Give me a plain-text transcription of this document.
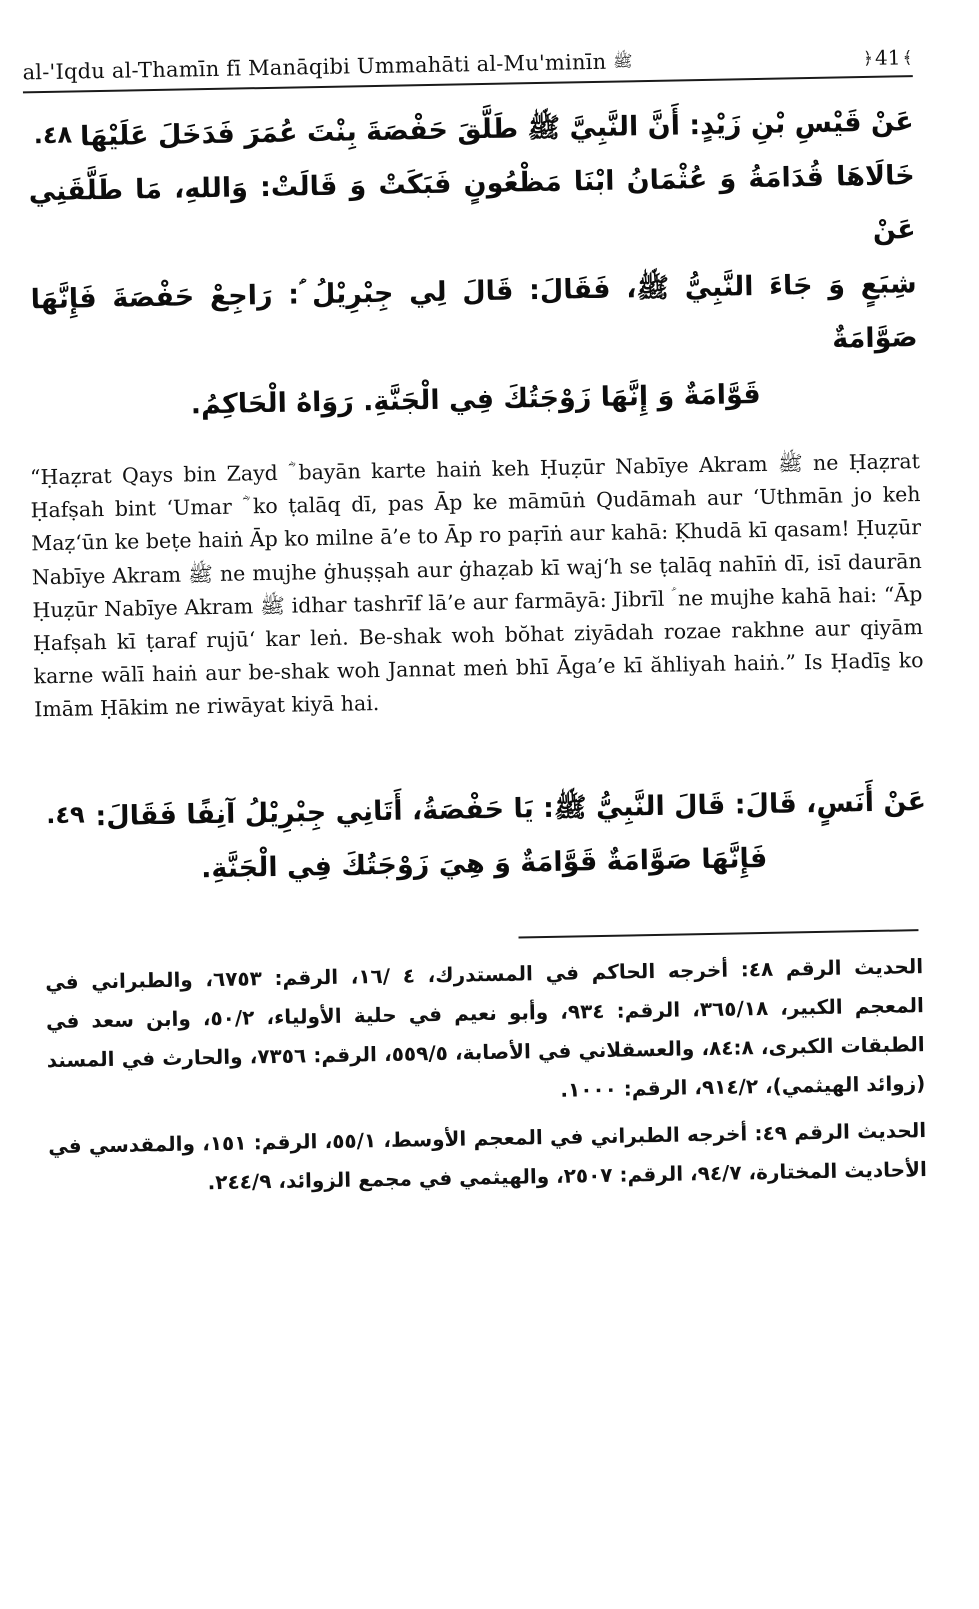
al-'Iqdu al-Thamīn fī Manāqibi Ummahāti al-Mu'minīn ﷺ	﴿ 41 ﴾
٤٨. عَنْ قَيْسِ بْنِ زَيْدٍ: أَنَّ النَّبِيَّ ﷺ طَلَّقَ حَفْصَةَ بِنْتَ عُمَرَ فَدَخَلَ عَلَيْهَا
خَالَاهَا قُدَامَةُ وَ عُثْمَانُ ابْنَا مَظْعُونٍ فَبَكَتْ وَ قَالَتْ: وَاللهِ، مَا طَلَّقَنِي عَنْ
شِبَعٍ وَ جَاءَ النَّبِيُّ ﷺ، فَقَالَ: قَالَ لِي جِبْرِيْلُ ؑ: رَاجِعْ حَفْصَةَ فَإِنَّهَا صَوَّامَةٌ
قَوَّامَةٌ وَ إِنَّهَا زَوْجَتُكَ فِي الْجَنَّةِ. رَوَاهُ الْحَاكِمُ.

“Ḥaẓrat Qays bin Zayd ؓ bayān karte haiṅ keh Ḥuẓūr Nabīye Akram ﷺ ne Ḥaẓrat Ḥafṣah bint ‘Umar ؓ ko ṭalāq dī, pas Āp ke māmūṅ Qudāmah aur ‘Uthmān jo keh Maẓ‘ūn ke beṭe haiṅ Āp ko milne ā’e to Āp ro paṛīṅ aur kahā: Ḳhudā kī qasam! Ḥuẓūr Nabīye Akram ﷺ ne mujhe ġhuṣṣah aur ġhaẓab kī waj‘h se ṭalāq nahīṅ dī, isī daurān Ḥuẓūr Nabīye Akram ﷺ idhar tashrīf lā’e aur farmāyā: Jibrīl ؑ ne mujhe kahā hai: “Āp Ḥafṣah kī ṭaraf rujū‘ kar leṅ. Be-shak woh bŏhat ziyādah rozae rakhne aur qiyām karne wālī haiṅ aur be-shak woh Jannat meṅ bhī Āga’e kī ăhliyah haiṅ.” Is Ḥadīs̱ ko Imām Ḥākim ne riwāyat kiyā hai.

٤٩. عَنْ أَنَسٍ، قَالَ: قَالَ النَّبِيُّ ﷺ: يَا حَفْصَةُ، أَتَانِي جِبْرِيْلُ آنِفًا فَقَالَ:
فَإِنَّهَا صَوَّامَةٌ قَوَّامَةٌ وَ هِيَ زَوْجَتُكَ فِي الْجَنَّةِ.

الحديث الرقم ٤٨: أخرجه الحاكم في المستدرك، ٤ /١٦، الرقم: ٦٧٥٣، والطبراني في المعجم الكبير، ٣٦٥/١٨، الرقم: ٩٣٤، وأبو نعيم في حلية الأولياء، ٥٠/٢، وابن سعد في الطبقات الكبرى، ٨٤:٨، والعسقلاني في الأصابة، ٥٥٩/٥، الرقم: ٧٣٥٦، والحارث في المسند (زوائد الهيثمي)، ٩١٤/٢، الرقم: ١٠٠٠.

الحديث الرقم ٤٩: أخرجه الطبراني في المعجم الأوسط، ٥٥/١، الرقم: ١٥١، والمقدسي في الأحاديث المختارة، ٩٤/٧، الرقم: ٢٥٠٧، والهيثمي في مجمع الزوائد، ٢٤٤/٩.
